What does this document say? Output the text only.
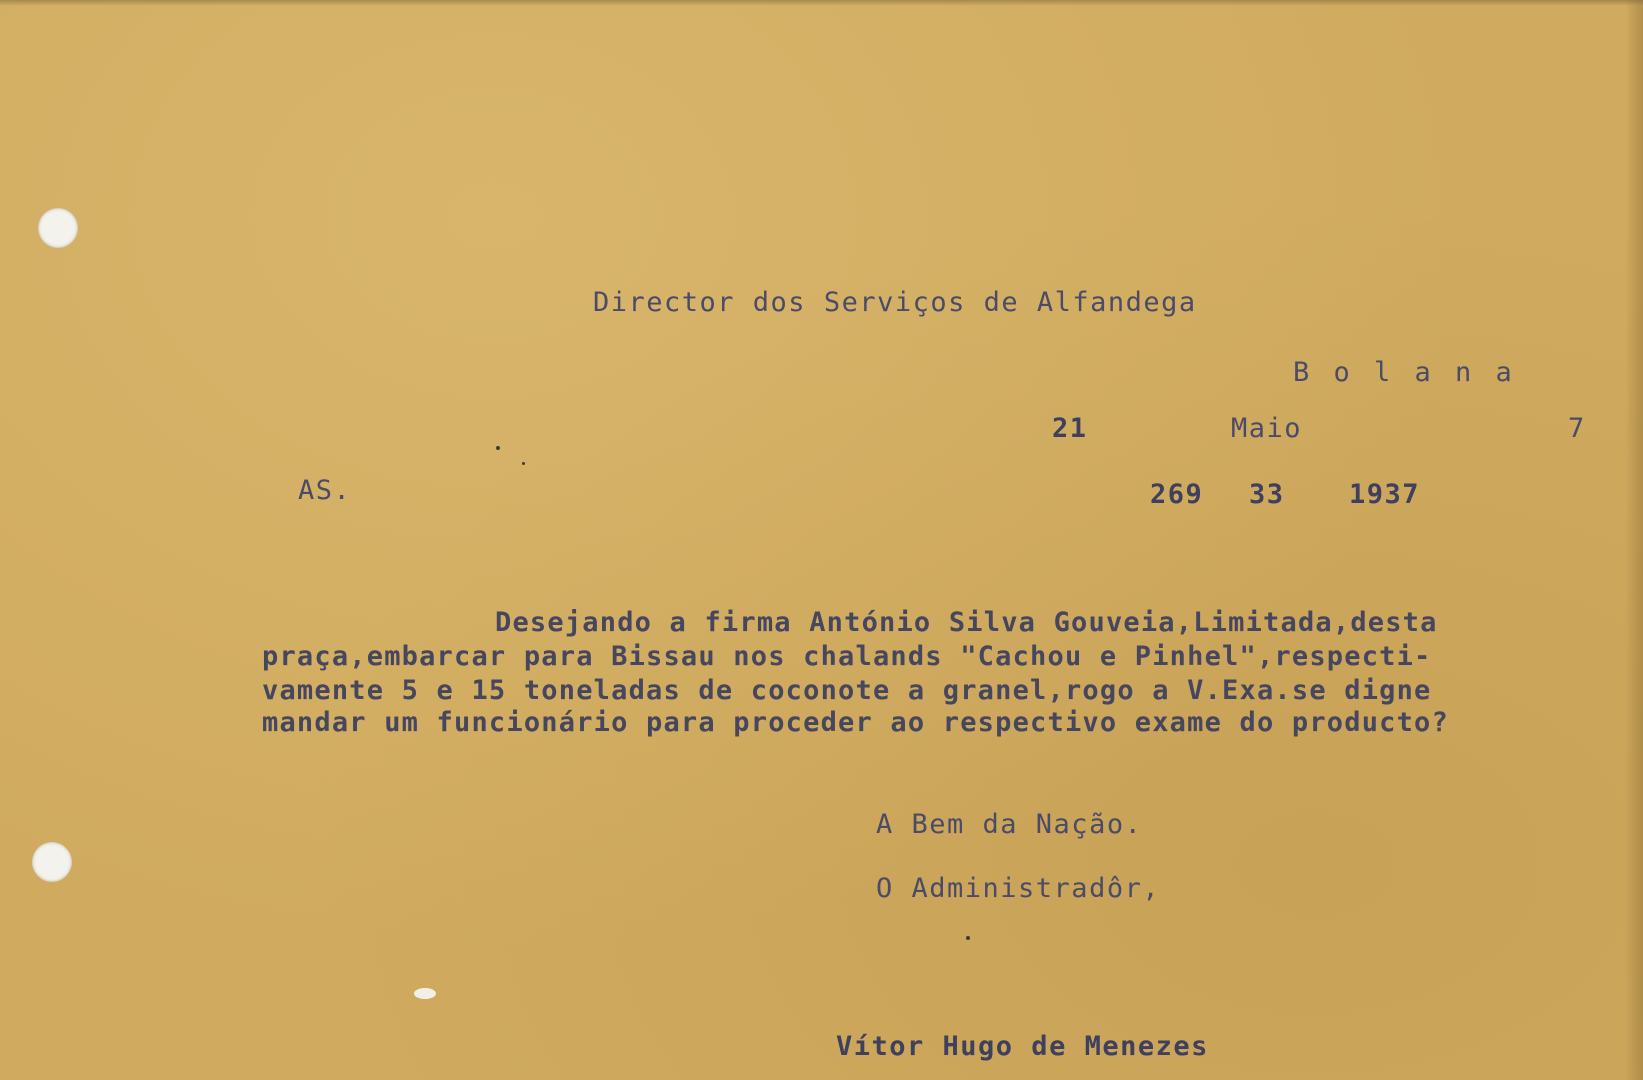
Director dos Serviços de Alfandega
B o l a n a
21	Maio	7
AS.	269 33 1937
Desejando a firma António Silva Gouveia,Limitada,desta
praça,embarcar para Bissau nos chalands "Cachou e Pinhel",respecti-
vamente 5 e 15 toneladas de coconote a granel,rogo a V.Exa.se digne
mandar um funcionário para proceder ao respectivo exame do producto?
A Bem da Nação.
O Administradôr,
Vítor Hugo de Menezes
